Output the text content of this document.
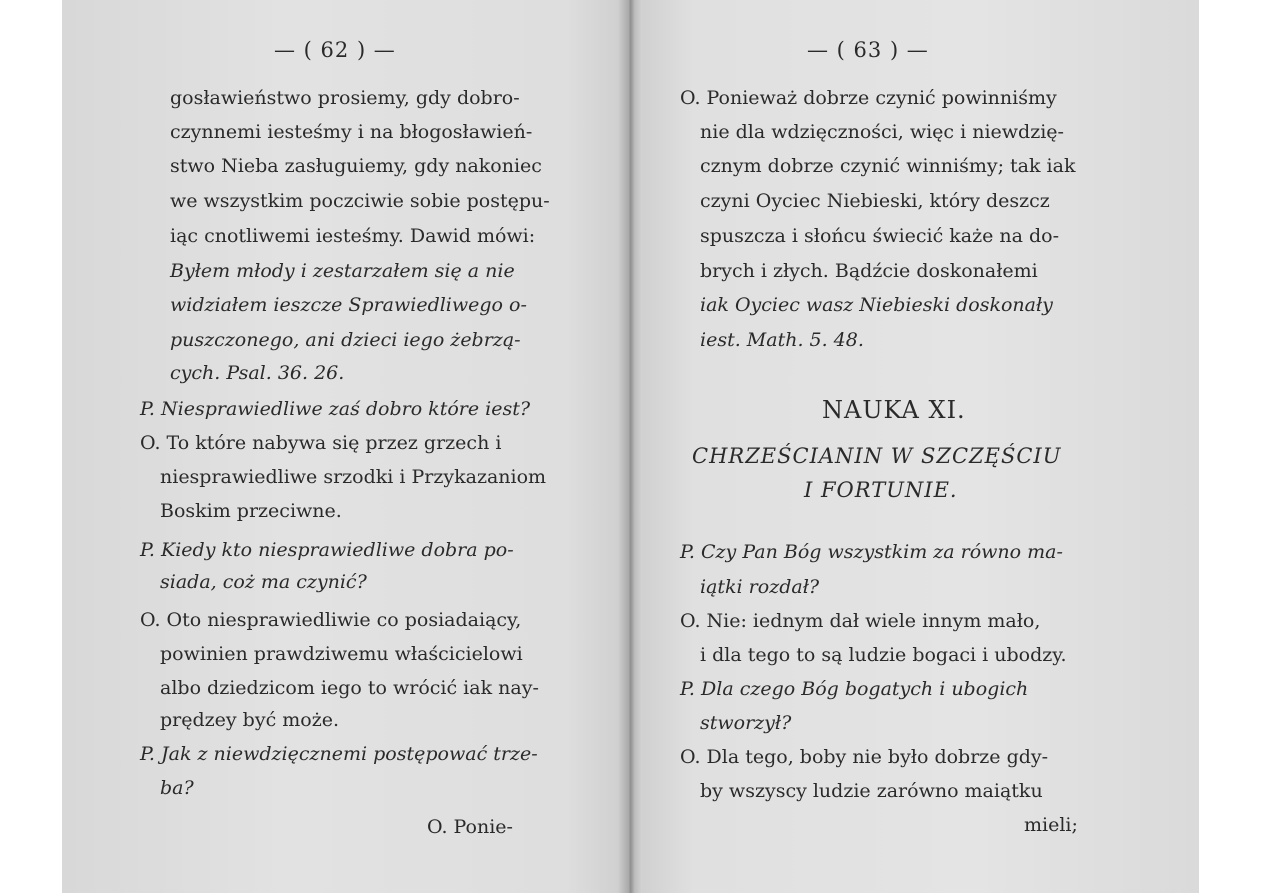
— ( 62 ) —
gosławieństwo prosiemy, gdy dobro-
czynnemi iesteśmy i na błogosławień-
stwo Nieba zasługuiemy, gdy nakoniec
we wszystkim poczciwie sobie postępu-
iąc cnotliwemi iesteśmy. Dawid mówi:
Byłem młody i zestarzałem się a nie
widziałem ieszcze Sprawiedliwego o-
puszczonego, ani dzieci iego żebrzą-
cych. Psal. 36. 26.
P. Niesprawiedliwe zaś dobro które iest?
O. To które nabywa się przez grzech i
niesprawiedliwe srzodki i Przykazaniom
Boskim przeciwne.
P. Kiedy kto niesprawiedliwe dobra po-
siada, coż ma czynić?
O. Oto niesprawiedliwie co posiadaiący,
powinien prawdziwemu właścicielowi
albo dziedzicom iego to wrócić iak nay-
prędzey być może.
P. Jak z niewdzięcznemi postępować trze-
ba?
O. Ponie-
— ( 63 ) —
O. Ponieważ dobrze czynić powinniśmy
nie dla wdzięczności, więc i niewdzię-
cznym dobrze czynić winniśmy; tak iak
czyni Oyciec Niebieski, który deszcz
spuszcza i słońcu świecić każe na do-
brych i złych. Bądźcie doskonałemi
iak Oyciec wasz Niebieski doskonały
iest. Math. 5. 48.
NAUKA XI.
CHRZEŚCIANIN W SZCZĘŚCIU
I FORTUNIE.
P. Czy Pan Bóg wszystkim za równo ma-
iątki rozdał?
O. Nie: iednym dał wiele innym mało,
i dla tego to są ludzie bogaci i ubodzy.
P. Dla czego Bóg bogatych i ubogich
stworzył?
O. Dla tego, boby nie było dobrze gdy-
by wszyscy ludzie zarówno maiątku
mieli;
